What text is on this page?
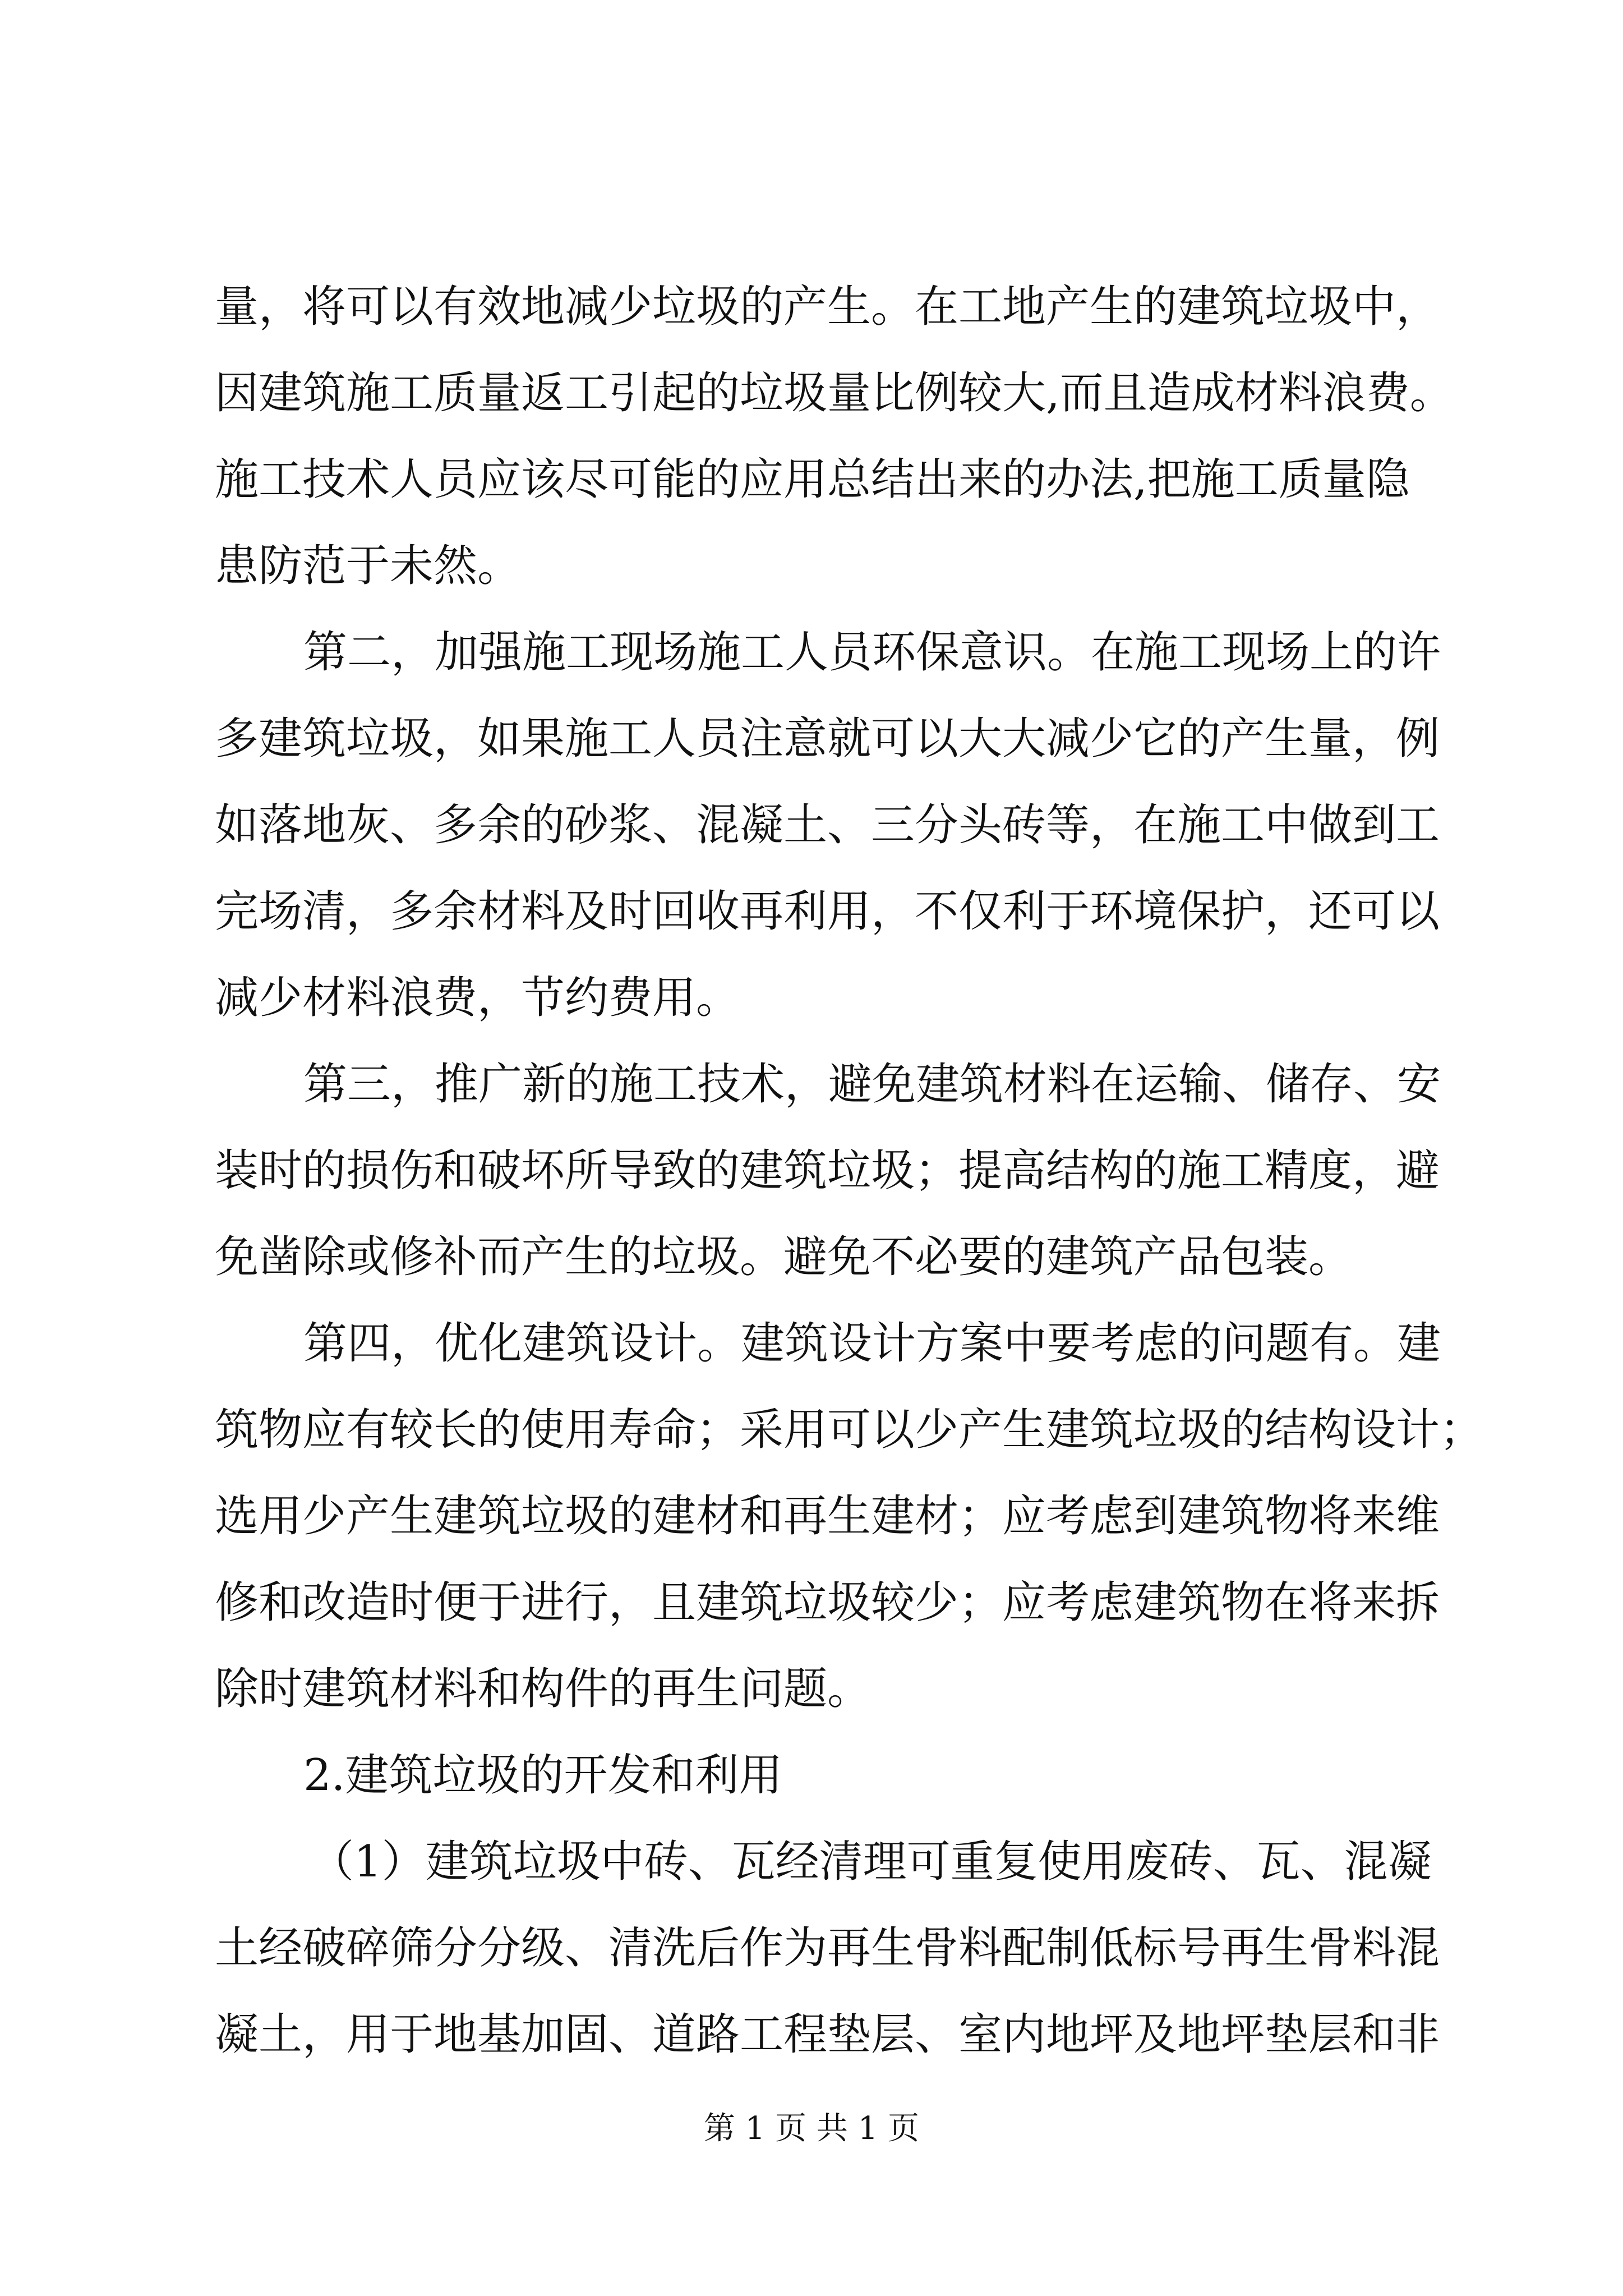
量，将可以有效地减少垃圾的产生。在工地产生的建筑垃圾中，
因建筑施工质量返工引起的垃圾量比例较大,而且造成材料浪费。
施工技术人员应该尽可能的应用总结出来的办法,把施工质量隐
患防范于未然。
第二，加强施工现场施工人员环保意识。在施工现场上的许
多建筑垃圾，如果施工人员注意就可以大大减少它的产生量，例
如落地灰、多余的砂浆、混凝土、三分头砖等，在施工中做到工
完场清，多余材料及时回收再利用，不仅利于环境保护，还可以
减少材料浪费，节约费用。
第三，推广新的施工技术，避免建筑材料在运输、储存、安
装时的损伤和破坏所导致的建筑垃圾；提高结构的施工精度，避
免凿除或修补而产生的垃圾。避免不必要的建筑产品包装。
第四，优化建筑设计。建筑设计方案中要考虑的问题有。建
筑物应有较长的使用寿命；采用可以少产生建筑垃圾的结构设计；
选用少产生建筑垃圾的建材和再生建材；应考虑到建筑物将来维
修和改造时便于进行，且建筑垃圾较少；应考虑建筑物在将来拆
除时建筑材料和构件的再生问题。
2.建筑垃圾的开发和利用
（1）建筑垃圾中砖、瓦经清理可重复使用废砖、瓦、混凝
土经破碎筛分分级、清洗后作为再生骨料配制低标号再生骨料混
凝土，用于地基加固、道路工程垫层、室内地坪及地坪垫层和非
第 1 页 共 1 页
